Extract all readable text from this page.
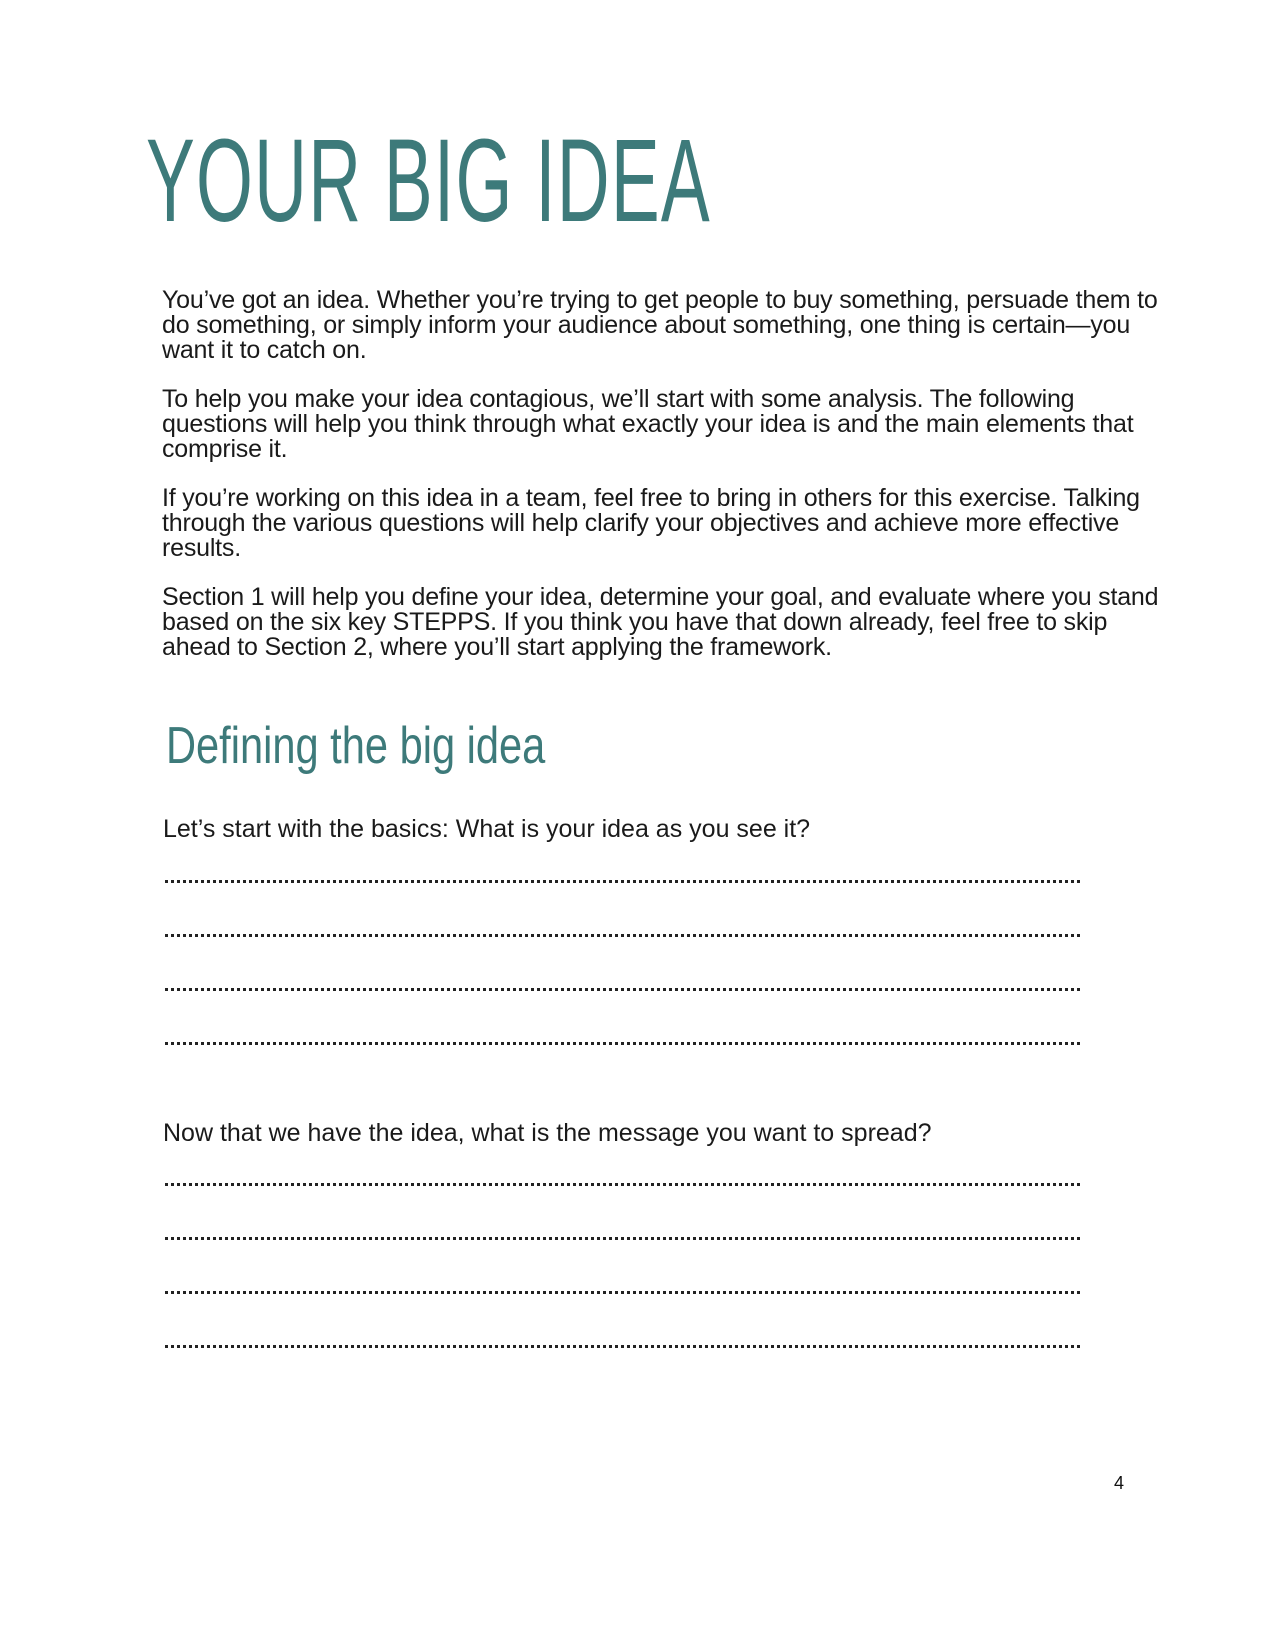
YOUR BIG IDEA

You’ve got an idea. Whether you’re trying to get people to buy something, persuade them to do something, or simply inform your audience about something, one thing is certain—you want it to catch on.

To help you make your idea contagious, we’ll start with some analysis. The following questions will help you think through what exactly your idea is and the main elements that comprise it.

If you’re working on this idea in a team, feel free to bring in others for this exercise. Talking through the various questions will help clarify your objectives and achieve more effective results.

Section 1 will help you define your idea, determine your goal, and evaluate where you stand based on the six key STEPPS. If you think you have that down already, feel free to skip ahead to Section 2, where you’ll start applying the framework.

Defining the big idea

Let’s start with the basics: What is your idea as you see it?

Now that we have the idea, what is the message you want to spread?

4
